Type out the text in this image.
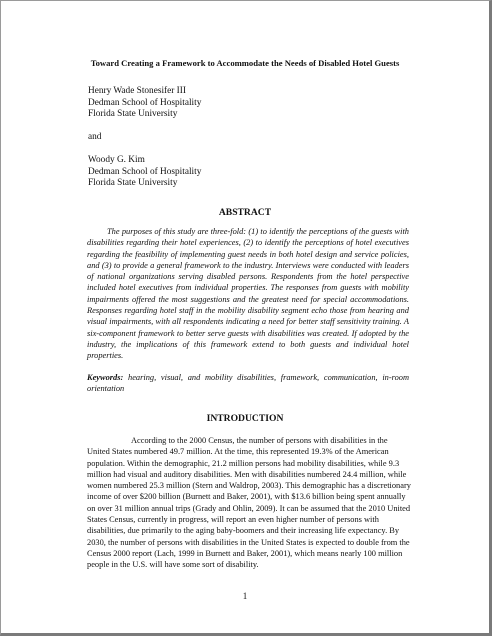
Toward Creating a Framework to Accommodate the Needs of Disabled Hotel Guests
Henry Wade Stonesifer III
Dedman School of Hospitality
Florida State University
and
Woody G. Kim
Dedman School of Hospitality
Florida State University
ABSTRACT
The purposes of this study are three-fold: (1) to identify the perceptions of the guests with disabilities regarding their hotel experiences, (2) to identify the perceptions of hotel executives regarding the feasibility of implementing guest needs in both hotel design and service policies, and (3) to provide a general framework to the industry. Interviews were conducted with leaders of national organizations serving disabled persons. Respondents from the hotel perspective included hotel executives from individual properties. The responses from guests with mobility impairments offered the most suggestions and the greatest need for special accommodations. Responses regarding hotel staff in the mobility disability segment echo those from hearing and visual impairments, with all respondents indicating a need for better staff sensitivity training. A six-component framework to better serve guests with disabilities was created. If adopted by the industry, the implications of this framework extend to both guests and individual hotel properties.
Keywords: hearing, visual, and mobility disabilities, framework, communication, in-room orientation
INTRODUCTION
According to the 2000 Census, the number of persons with disabilities in the United States numbered 49.7 million. At the time, this represented 19.3% of the American population. Within the demographic, 21.2 million persons had mobility disabilities, while 9.3 million had visual and auditory disabilities. Men with disabilities numbered 24.4 million, while women numbered 25.3 million (Stern and Waldrop, 2003). This demographic has a discretionary income of over $200 billion (Burnett and Baker, 2001), with $13.6 billion being spent annually on over 31 million annual trips (Grady and Ohlin, 2009). It can be assumed that the 2010 United States Census, currently in progress, will report an even higher number of persons with disabilities, due primarily to the aging baby-boomers and their increasing life expectancy. By 2030, the number of persons with disabilities in the United States is expected to double from the Census 2000 report (Lach, 1999 in Burnett and Baker, 2001), which means nearly 100 million people in the U.S. will have some sort of disability.
1
